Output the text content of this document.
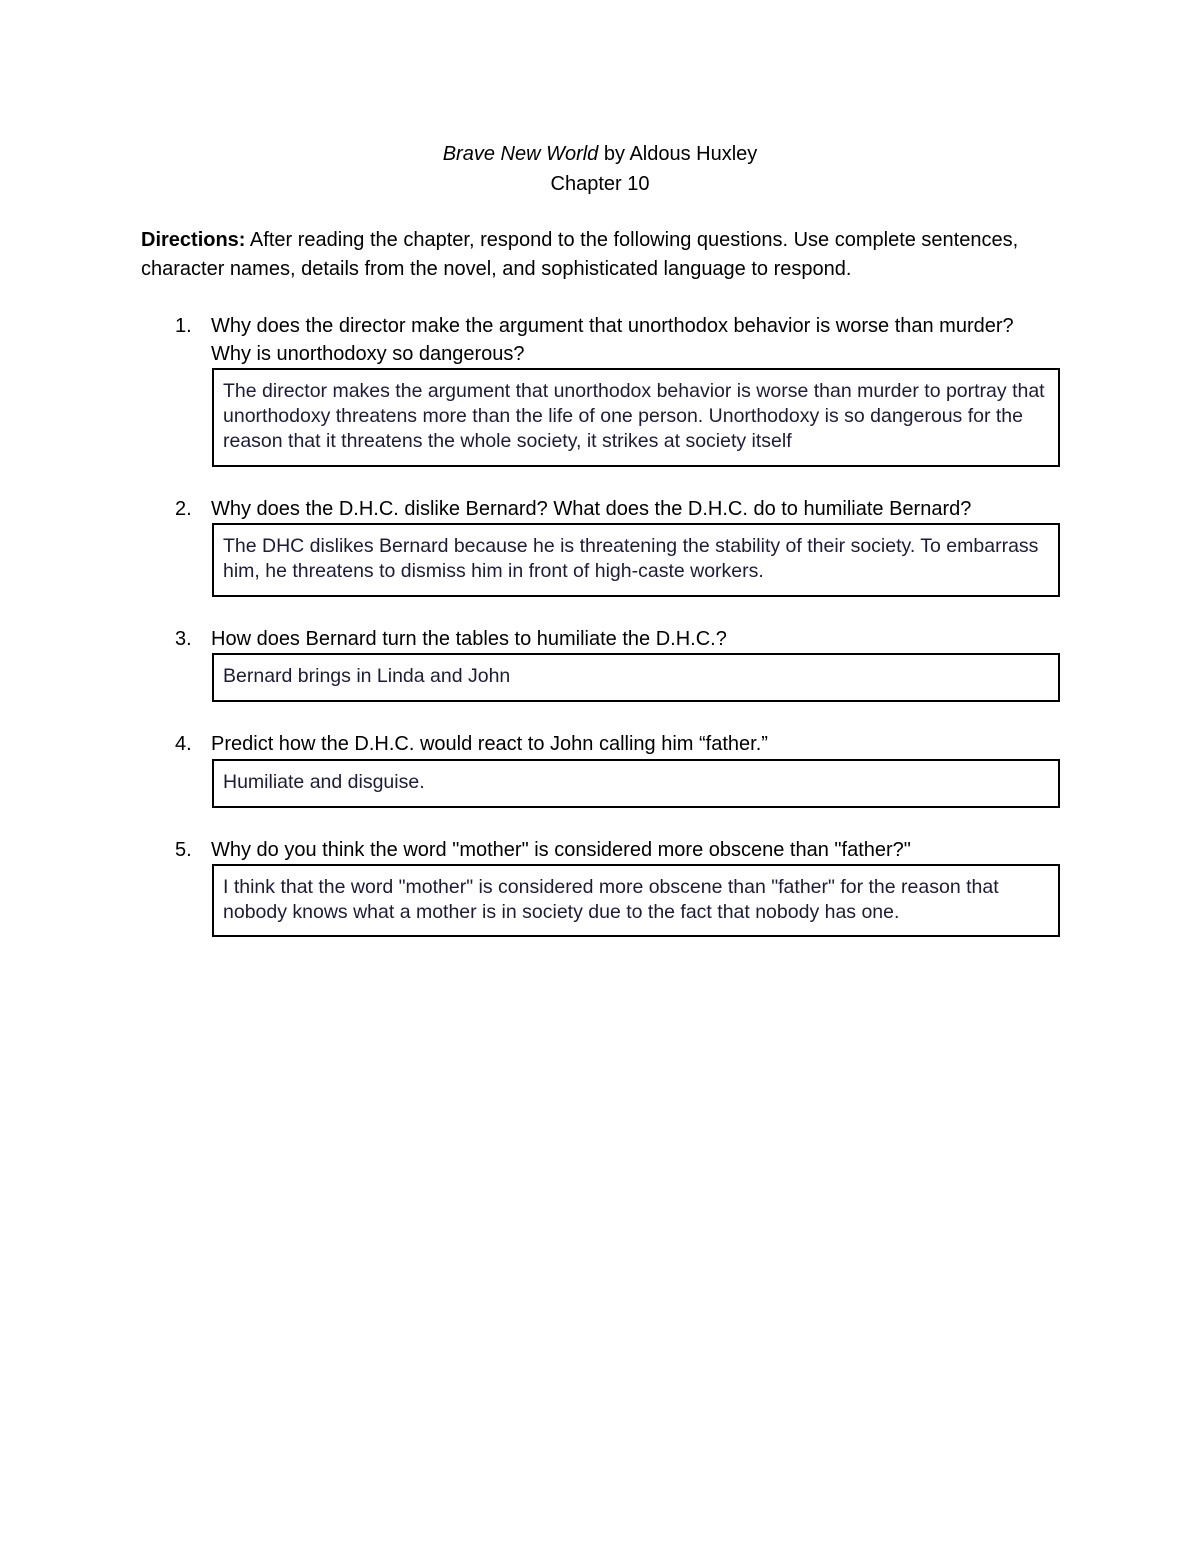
Brave New World by Aldous Huxley
Chapter 10
Directions: After reading the chapter, respond to the following questions. Use complete sentences, character names, details from the novel, and sophisticated language to respond.
1. Why does the director make the argument that unorthodox behavior is worse than murder? Why is unorthodoxy so dangerous?
The director makes the argument that unorthodox behavior is worse than murder to portray that unorthodoxy threatens more than the life of one person. Unorthodoxy is so dangerous for the reason that it threatens the whole society, it strikes at society itself
2. Why does the D.H.C. dislike Bernard? What does the D.H.C. do to humiliate Bernard?
The DHC dislikes Bernard because he is threatening the stability of their society. To embarrass him, he threatens to dismiss him in front of high-caste workers.
3. How does Bernard turn the tables to humiliate the D.H.C.?
Bernard brings in Linda and John
4. Predict how the D.H.C. would react to John calling him “father.”
Humiliate and disguise.
5. Why do you think the word "mother" is considered more obscene than "father?"
I think that the word "mother" is considered more obscene than "father" for the reason that nobody knows what a mother is in society due to the fact that nobody has one.
